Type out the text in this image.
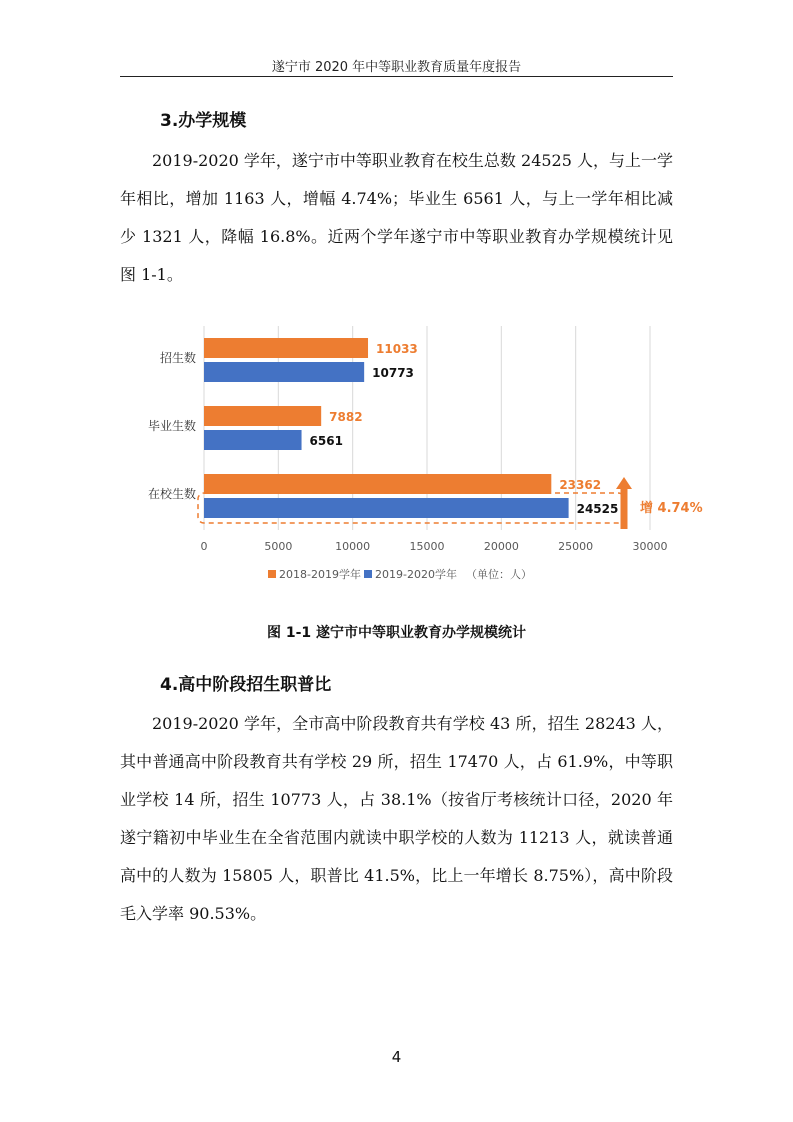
遂宁市 2020 年中等职业教育质量年度报告
3.办学规模

2019-2020 学年，遂宁市中等职业教育在校生总数 24525 人，与上一学年相比，增加 1163 人，增幅 4.74%；毕业生 6561 人，与上一学年相比减少 1321 人，降幅 16.8%。近两个学年遂宁市中等职业教育办学规模统计见图 1-1。

0	5000	10000	15000	20000	25000	30000
招生数
11033
10773
毕业生数
7882
6561
在校生数
23362
24525 增 4.74%
2018-2019学年 2019-2020学年 （单位：人）
图 1-1 遂宁市中等职业教育办学规模统计
4.高中阶段招生职普比

2019-2020 学年，全市高中阶段教育共有学校 43 所，招生 28243 人，其中普通高中阶段教育共有学校 29 所，招生 17470 人，占 61.9%，中等职业学校 14 所，招生 10773 人，占 38.1%（按省厅考核统计口径，2020 年遂宁籍初中毕业生在全省范围内就读中职学校的人数为 11213 人，就读普通高中的人数为 15805 人，职普比 41.5%，比上一年增长 8.75%），高中阶段毛入学率 90.53%。

4
